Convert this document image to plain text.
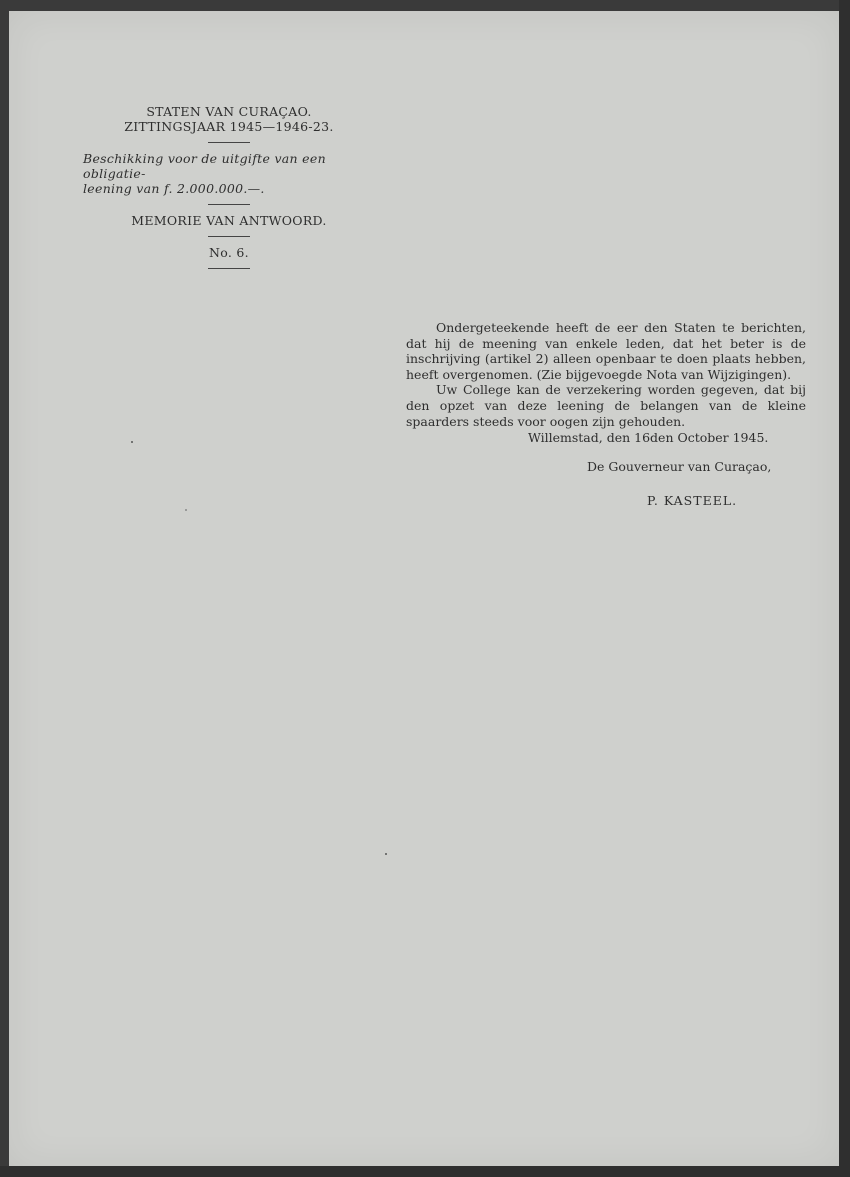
STATEN VAN CURAÇAO.
ZITTINGSJAAR 1945—1946-23.
Beschikking voor de uitgifte van een obligatie-
leening van f. 2.000.000.—.
MEMORIE VAN ANTWOORD.
No. 6.

Ondergeteekende heeft de eer den Staten te berichten, dat hij de meening van enkele leden, dat het beter is de inschrijving (artikel 2) alleen openbaar te doen plaats hebben, heeft overgenomen. (Zie bijgevoegde Nota van Wijzigingen).

Uw College kan de verzekering worden gegeven, dat bij den opzet van deze leening de belangen van de kleine spaarders steeds voor oogen zijn gehouden.

Willemstad, den 16den October 1945.
De Gouverneur van Curaçao,
P. KASTEEL.
